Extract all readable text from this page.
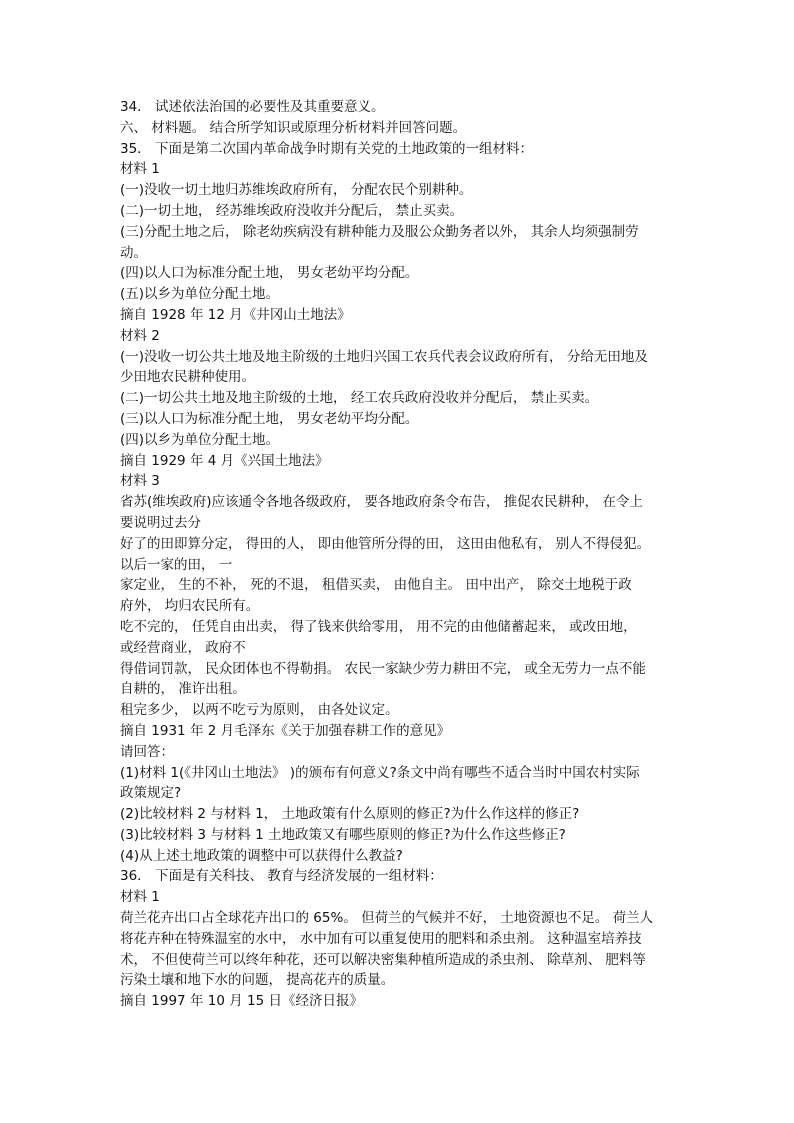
34． 试述依法治国的必要性及其重要意义。
六、 材料题。 结合所学知识或原理分析材料并回答问题。
35． 下面是第二次国内革命战争时期有关党的土地政策的一组材料：
材料 1
(一)没收一切土地归苏维埃政府所有， 分配农民个别耕种。
(二)一切土地， 经苏维埃政府没收并分配后， 禁止买卖。
(三)分配土地之后， 除老幼疾病没有耕种能力及服公众勤务者以外， 其余人均须强制劳
动。
(四)以人口为标准分配土地， 男女老幼平均分配。
(五)以乡为单位分配土地。
摘自 1928 年 12 月《井冈山土地法》
材料 2
(一)没收一切公共土地及地主阶级的土地归兴国工农兵代表会议政府所有， 分给无田地及
少田地农民耕种使用。
(二)一切公共土地及地主阶级的土地， 经工农兵政府没收并分配后， 禁止买卖。
(三)以人口为标准分配土地， 男女老幼平均分配。
(四)以乡为单位分配土地。
摘自 1929 年 4 月《兴国土地法》
材料 3
省苏(维埃政府)应该通令各地各级政府， 要各地政府条令布告， 推促农民耕种， 在令上
要说明过去分
好了的田即算分定， 得田的人， 即由他管所分得的田， 这田由他私有， 别人不得侵犯。
以后一家的田， 一
家定业， 生的不补， 死的不退， 租借买卖， 由他自主。 田中出产， 除交土地税于政
府外， 均归农民所有。
吃不完的， 任凭自由出卖， 得了钱来供给零用， 用不完的由他储蓄起来， 或改田地，
或经营商业， 政府不
得借词罚款， 民众团体也不得勒捐。 农民一家缺少劳力耕田不完， 或全无劳力一点不能
自耕的， 准许出租。
租完多少， 以两不吃亏为原则， 由各处议定。
摘自 1931 年 2 月毛泽东《关于加强春耕工作的意见》
请回答：
(1)材料 1(《井冈山土地法》 )的颁布有何意义?条文中尚有哪些不适合当时中国农村实际
政策规定?
(2)比较材料 2 与材料 1， 土地政策有什么原则的修正?为什么作这样的修正?
(3)比较材料 3 与材料 1 土地政策又有哪些原则的修正?为什么作这些修正?
(4)从上述土地政策的调整中可以获得什么教益?
36． 下面是有关科技、 教育与经济发展的一组材料：
材料 1
荷兰花卉出口占全球花卉出口的 65%。 但荷兰的气候并不好， 土地资源也不足。 荷兰人
将花卉种在特殊温室的水中， 水中加有可以重复使用的肥料和杀虫剂。 这种温室培养技
术， 不但使荷兰可以终年种花，还可以解决密集种植所造成的杀虫剂、 除草剂、 肥料等
污染土壤和地下水的问题， 提高花卉的质量。
摘自 1997 年 10 月 15 日《经济日报》
